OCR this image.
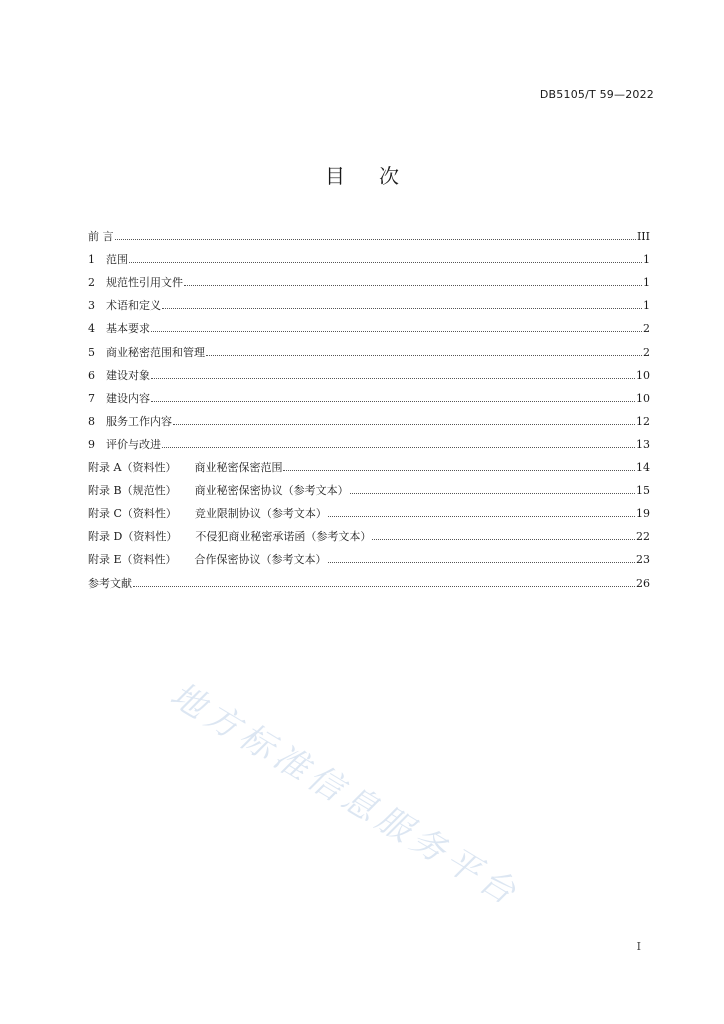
DB5105/T 59—2022
目 次
前 言	III
1	范围	1
2	规范性引用文件	1
3	术语和定义	1
4	基本要求	2
5	商业秘密范围和管理	2
6	建设对象	10
7	建设内容	10
8	服务工作内容	12
9	评价与改进	13
附录 A（资料性） 商业秘密保密范围	14
附录 B（规范性） 商业秘密保密协议（参考文本）	15
附录 C（资料性） 竞业限制协议（参考文本）	19
附录 D（资料性） 不侵犯商业秘密承诺函（参考文本）	22
附录 E（资料性） 合作保密协议（参考文本）	23
参考文献	26
地方标准信息服务平台
I
